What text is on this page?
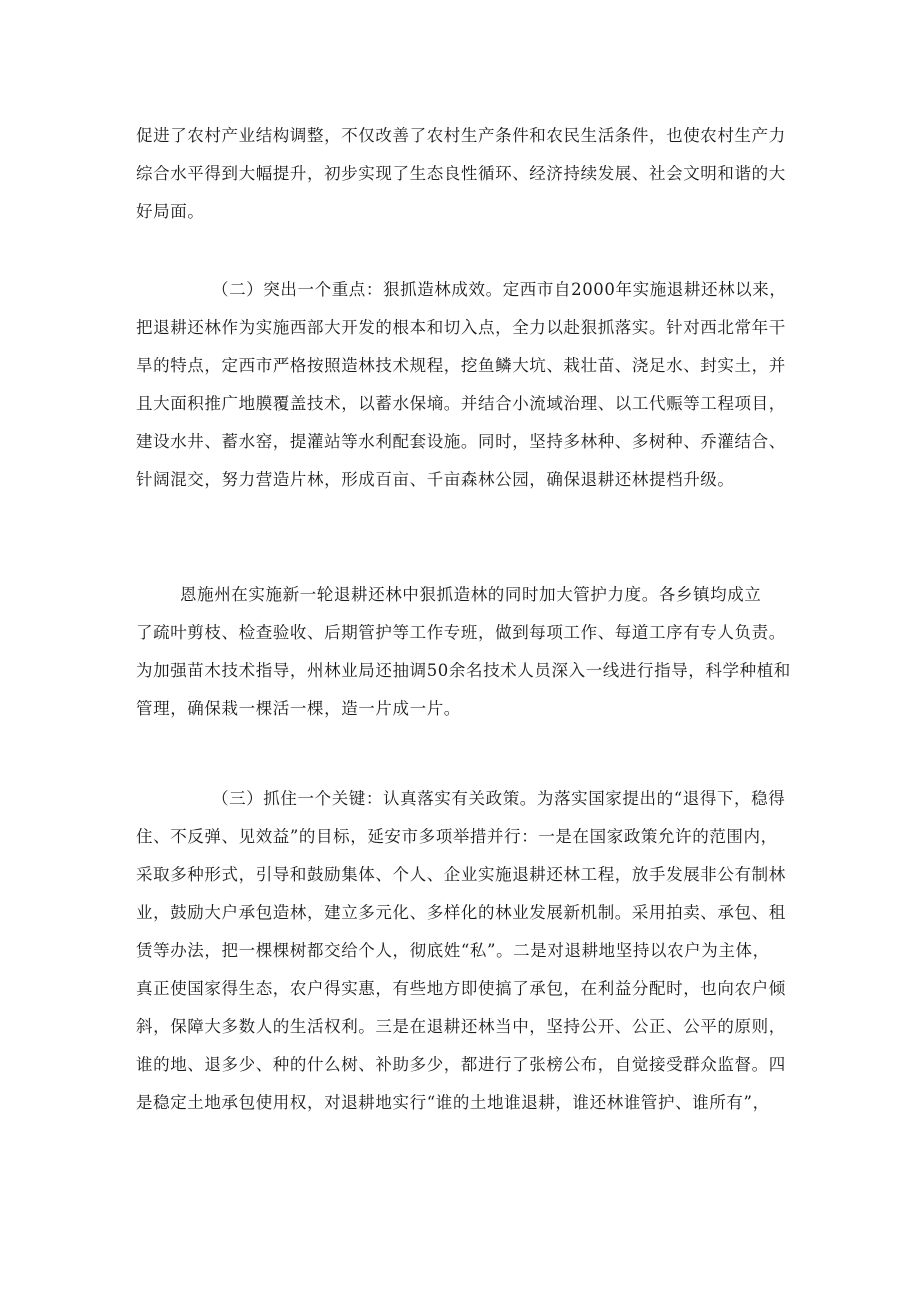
促进了农村产业结构调整，不仅改善了农村生产条件和农民生活条件，也使农村生产力
综合水平得到大幅提升，初步实现了生态良性循环、经济持续发展、社会文明和谐的大
好局面。
（二）突出一个重点：狠抓造林成效。定西市自2000年实施退耕还林以来，
把退耕还林作为实施西部大开发的根本和切入点，全力以赴狠抓落实。针对西北常年干
旱的特点，定西市严格按照造林技术规程，挖鱼鳞大坑、栽壮苗、浇足水、封实土，并
且大面积推广地膜覆盖技术，以蓄水保墒。并结合小流域治理、以工代赈等工程项目，
建设水井、蓄水窑，提灌站等水利配套设施。同时，坚持多林种、多树种、乔灌结合、
针阔混交，努力营造片林，形成百亩、千亩森林公园，确保退耕还林提档升级。
恩施州在实施新一轮退耕还林中狠抓造林的同时加大管护力度。各乡镇均成立
了疏叶剪枝、检查验收、后期管护等工作专班，做到每项工作、每道工序有专人负责。
为加强苗木技术指导，州林业局还抽调50余名技术人员深入一线进行指导，科学种植和
管理，确保栽一棵活一棵，造一片成一片。
（三）抓住一个关键：认真落实有关政策。为落实国家提出的“退得下，稳得
住、不反弹、见效益”的目标，延安市多项举措并行：一是在国家政策允许的范围内，
采取多种形式，引导和鼓励集体、个人、企业实施退耕还林工程，放手发展非公有制林
业，鼓励大户承包造林，建立多元化、多样化的林业发展新机制。采用拍卖、承包、租
赁等办法，把一棵棵树都交给个人，彻底姓“私”。二是对退耕地坚持以农户为主体，
真正使国家得生态，农户得实惠，有些地方即使搞了承包，在利益分配时，也向农户倾
斜，保障大多数人的生活权利。三是在退耕还林当中，坚持公开、公正、公平的原则，
谁的地、退多少、种的什么树、补助多少，都进行了张榜公布，自觉接受群众监督。四
是稳定土地承包使用权，对退耕地实行“谁的土地谁退耕，谁还林谁管护、谁所有”，
